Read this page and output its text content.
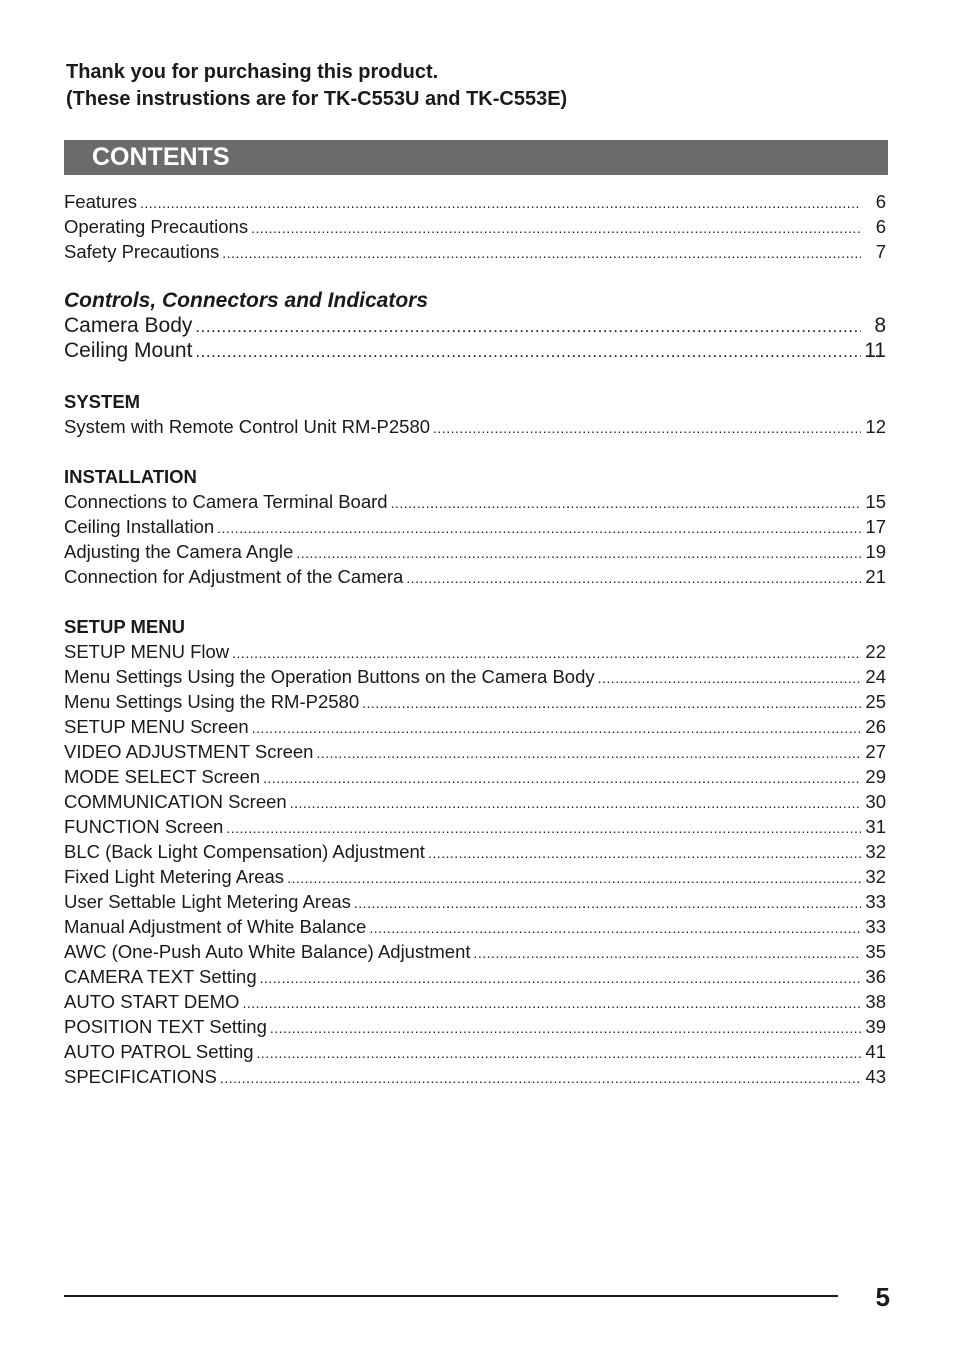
Thank you for purchasing this product.
(These instrustions are for TK-C553U and TK-C553E)
CONTENTS
Features .....	6
Operating Precautions .....	6
Safety Precautions .....	7
Controls, Connectors and Indicators
Camera Body .....	8
Ceiling Mount .....	11
SYSTEM
System with Remote Control Unit RM-P2580 .....	12
INSTALLATION
Connections to Camera Terminal Board .....	15
Ceiling Installation .....	17
Adjusting the Camera Angle .....	19
Connection for Adjustment of the Camera .....	21
SETUP MENU
SETUP MENU Flow .....	22
Menu Settings Using the Operation Buttons on the Camera Body .....	24
Menu Settings Using the RM-P2580 .....	25
SETUP MENU Screen .....	26
VIDEO ADJUSTMENT Screen .....	27
MODE SELECT Screen .....	29
COMMUNICATION Screen .....	30
FUNCTION Screen .....	31
BLC (Back Light Compensation) Adjustment .....	32
Fixed Light Metering Areas .....	32
User Settable Light Metering Areas .....	33
Manual Adjustment of White Balance .....	33
AWC (One-Push Auto White Balance) Adjustment .....	35
CAMERA TEXT Setting .....	36
AUTO START DEMO .....	38
POSITION TEXT Setting .....	39
AUTO PATROL Setting .....	41
SPECIFICATIONS .....	43
5
